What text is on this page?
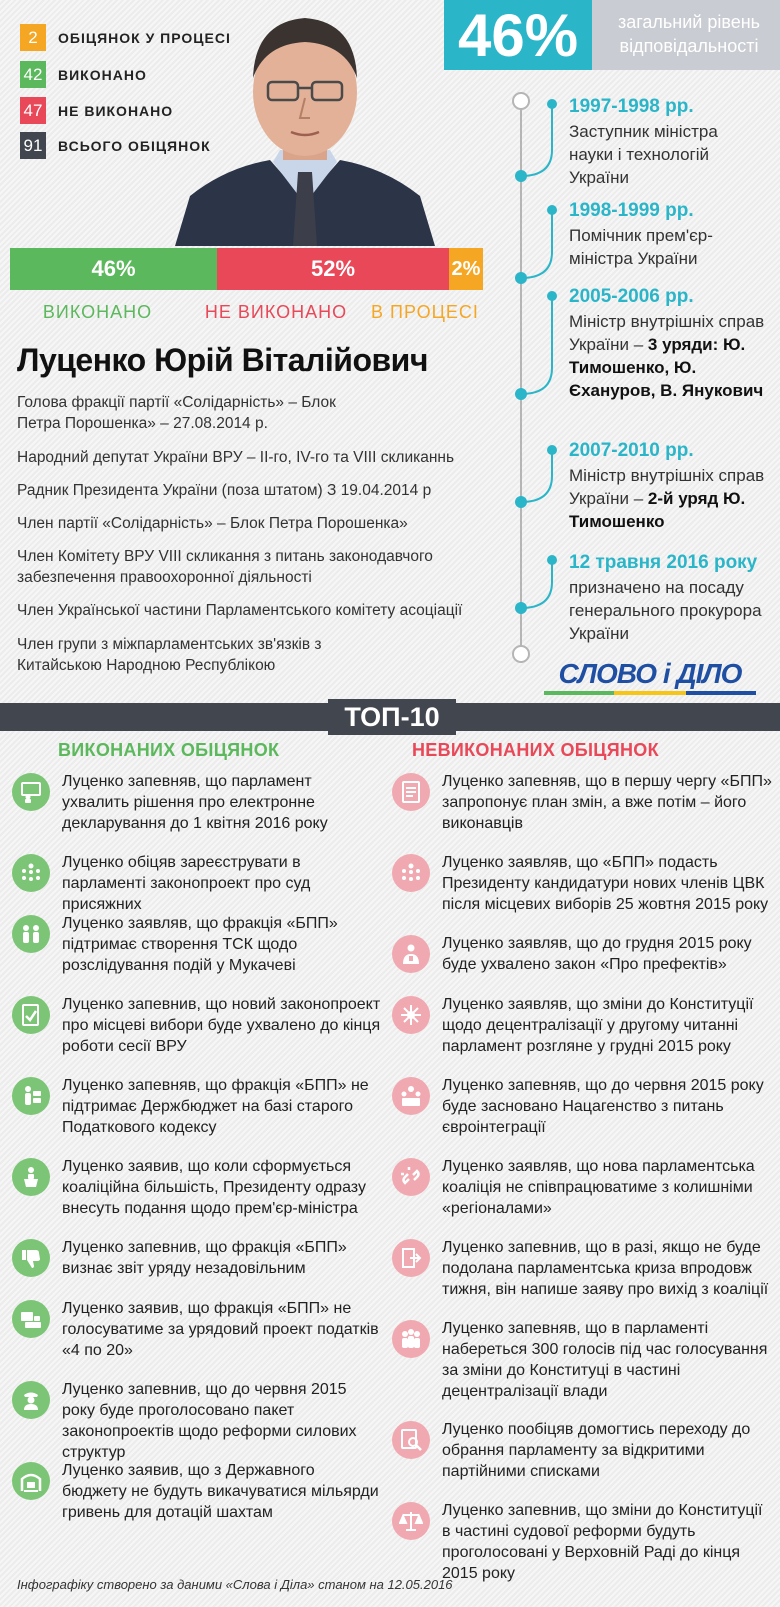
2	ОБІЦЯНОК У ПРОЦЕСІ
42 ВИКОНАНО
47 НЕ ВИКОНАНО
91 ВСЬОГО ОБІЦЯНОК
46%	загальний рівень відповідальності
46%	52%	2%
ВИКОНАНО	НЕ ВИКОНАНО	В ПРОЦЕСІ
Луценко Юрій Віталійович
Голова фракції партії «Солідарність» – Блок Петра Порошенка» – 27.08.2014 р.
Народний депутат України ВРУ – ІІ-го, IV-го та VIII скликаннь
Радник Президента України (поза штатом) З 19.04.2014 р
Член партії «Солідарність» – Блок Петра Порошенка»
Член Комітету ВРУ VIII скликання з питань законодавчого забезпечення правоохоронної діяльності
Член Української частини Парламентського комітету асоціації
Член групи з міжпарламентських зв'язків з Китайською Народною Республікою
1997-1998 рр.
Заступник міністра науки і технологій України
1998-1999 рр.
Помічник прем'єр-міністра України
2005-2006 рр.
Міністр внутрішніх справ України – 3 уряди: Ю. Тимошенко, Ю. Єхануров, В. Янукович
2007-2010 рр.
Міністр внутрішніх справ України – 2-й уряд Ю. Тимошенко
12 травня 2016 року
призначено на посаду генерального прокурора України
СЛОВО і ДІЛО
ТОП-10
ВИКОНАНИХ ОБІЦЯНОК	НЕВИКОНАНИХ ОБІЦЯНОК
Луценко запевняв, що парламент ухвалить рішення про електронне декларування до 1 квітня 2016 року
Луценко обіцяв зареєструвати в парламенті законопроект про суд присяжних
Луценко заявляв, що фракція «БПП» підтримає створення ТСК щодо розслідування подій у Мукачеві
Луценко запевнив, що новий законопроект про місцеві вибори буде ухвалено до кінця роботи сесії ВРУ
Луценко запевняв, що фракція «БПП» не підтримає Держбюджет на базі старого Податкового кодексу
Луценко заявив, що коли сформується коаліційна більшість, Президенту одразу внесуть подання щодо прем'єр-міністра
Луценко запевнив, що фракція «БПП» визнає звіт уряду незадовільним
Луценко заявив, що фракція «БПП» не голосуватиме за урядовий проект податків «4 по 20»
Луценко запевнив, що до червня 2015 року буде проголосовано пакет законопроектів щодо реформи силових структур
Луценко заявив, що з Державного бюджету не будуть викачуватися мільярди гривень для дотацій шахтам
Луценко запевняв, що в першу чергу «БПП» запропонує план змін, а вже потім – його виконавців
Луценко заявляв, що «БПП» подасть Президенту кандидатури нових членів ЦВК після місцевих виборів 25 жовтня 2015 року
Луценко заявляв, що до грудня 2015 року буде ухвалено закон «Про префектів»
Луценко заявляв, що зміни до Конституції щодо децентралізації у другому читанні парламент розгляне у грудні 2015 року
Луценко запевняв, що до червня 2015 року буде засновано Нацагенство з питань євроінтеграції
Луценко заявляв, що нова парламентська коаліція не співпрацюватиме з колишніми «регіоналами»
Луценко запевнив, що в разі, якщо не буде подолана парламентська криза впродовж тижня, він напише заяву про вихід з коаліції
Луценко запевняв, що в парламенті набереться 300 голосів під час голосування за зміни до Конституці в частині децентралізації влади
Луценко пообіцяв домогтись переходу до обрання парламенту за відкритими партійними списками
Луценко запевнив, що зміни до Конституції в частині судової реформи будуть проголосовані у Верховній Раді до кінця 2015 року
Інфографіку створено за даними «Слова і Діла» станом на 12.05.2016
